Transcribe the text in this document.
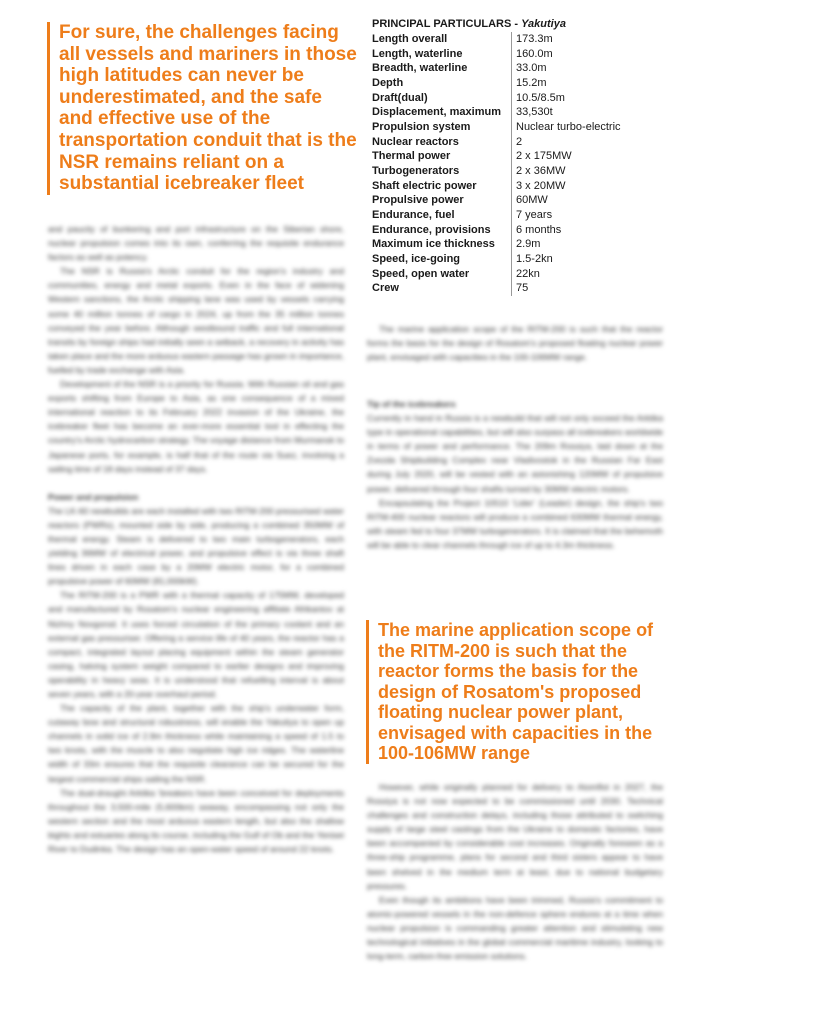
For sure, the challenges facing all vessels and mariners in those high latitudes can never be underestimated, and the safe and effective use of the transportation conduit that is the NSR remains reliant on a substantial icebreaker fleet
PRINCIPAL PARTICULARS - Yakutiya
Length overall	173.3m
Length, waterline	160.0m
Breadth, waterline	33.0m
Depth	15.2m
Draft(dual)	10.5/8.5m
Displacement, maximum	33,530t
Propulsion system	Nuclear turbo-electric
Nuclear reactors	2
Thermal power	2 x 175MW
Turbogenerators	2 x 36MW
Shaft electric power	3 x 20MW
Propulsive power	60MW
Endurance, fuel	7 years
Endurance, provisions	6 months
Maximum ice thickness	2.9m
Speed, ice-going	1.5-2kn
Speed, open water	22kn
Crew	75

and paucity of bunkering and port infrastructure on the Siberian shore, nuclear propulsion comes into its own, conferring the requisite endurance factors as well as potency.

The NSR is Russia's Arctic conduit for the region's industry and communities, energy and metal exports. Even in the face of widening Western sanctions, the Arctic shipping lane was used by vessels carrying some 40 million tonnes of cargo in 2024, up from the 35 million tonnes conveyed the year before. Although westbound traffic and full international transits by foreign ships had initially seen a setback, a recovery in activity has taken place and the more arduous eastern passage has grown in importance, fuelled by trade exchange with Asia.

Development of the NSR is a priority for Russia. With Russian oil and gas exports shifting from Europe to Asia, as one consequence of a mixed international reaction to its February 2022 invasion of the Ukraine, the icebreaker fleet has become an ever-more essential tool in effecting the country's Arctic hydrocarbon strategy. The voyage distance from Murmansk to Japanese ports, for example, is half that of the route via Suez, involving a sailing time of 18 days instead of 37 days.

Power and propulsion

The LK-60 newbuilds are each installed with two RITM-200 pressurised water reactors (PWRs), mounted side by side, producing a combined 350MW of thermal energy. Steam is delivered to two main turbogenerators, each yielding 36MW of electrical power, and propulsive effect is via three shaft lines driven in each case by a 20MW electric motor, for a combined propulsive power of 60MW (81,000kW).

The RITM-200 is a PWR with a thermal capacity of 175MW, developed and manufactured by Rosatom's nuclear engineering affiliate Afrikantov at Nizhny Novgorod. It uses forced circulation of the primary coolant and an external gas pressuriser. Offering a service life of 40 years, the reactor has a compact, integrated layout placing equipment within the steam generator casing, halving system weight compared to earlier designs and improving operability in heavy seas. It is understood that refuelling interval is about seven years, with a 20-year overhaul period.

The capacity of the plant, together with the ship's underwater form, cutaway bow and structural robustness, will enable the Yakutiya to open up channels in solid ice of 2.9m thickness while maintaining a speed of 1.5 to two knots, with the muscle to also negotiate high ice ridges. The waterline width of 33m ensures that the requisite clearance can be secured for the largest commercial ships sailing the NSR.

The dual-draught Arktika 'breakers have been conceived for deployments throughout the 3,500-mile (5,600km) seaway, encompassing not only the western section and the most arduous eastern length, but also the shallow bights and estuaries along its course, including the Gulf of Ob and the Yenisei River to Dudinka. The design has an open-water speed of around 22 knots.

The marine application scope of the RITM-200 is such that the reactor forms the basis for the design of Rosatom's proposed floating nuclear power plant, envisaged with capacities in the 100-106MW range.

Tip of the icebreakers

Currently in hand in Russia is a newbuild that will not only exceed the Arktika type in operational capabilities, but will also surpass all icebreakers worldwide in terms of power and performance. The 209m Rossiya, laid down at the Zvezda Shipbuilding Complex near Vladivostok in the Russian Far East during July 2020, will be vested with an astonishing 120MW of propulsive power, delivered through four shafts turned by 30MW electric motors.

Encapsulating the Project 10510 'Lider' (Leader) design, the ship's two RITM-400 nuclear reactors will produce a combined 630MW thermal energy, with steam fed to four 37MW turbogenerators. It is claimed that the behemoth will be able to clear channels through ice of up to 4.3m thickness.

The marine application scope of the RITM-200 is such that the reactor forms the basis for the design of Rosatom's proposed floating nuclear power plant, envisaged with capacities in the 100-106MW range

However, while originally planned for delivery to Atomflot in 2027, the Rossiya is not now expected to be commissioned until 2030. Technical challenges and construction delays, including those attributed to switching supply of large steel castings from the Ukraine to domestic factories, have been accompanied by considerable cost increases. Originally foreseen as a three-ship programme, plans for second and third sisters appear to have been shelved in the medium term at least, due to national budgetary pressures.

Even though its ambitions have been trimmed, Russia's commitment to atomic-powered vessels in the non-defence sphere endures at a time when nuclear propulsion is commanding greater attention and stimulating new technological initiatives in the global commercial maritime industry, looking to long-term, carbon-free emission solutions.
